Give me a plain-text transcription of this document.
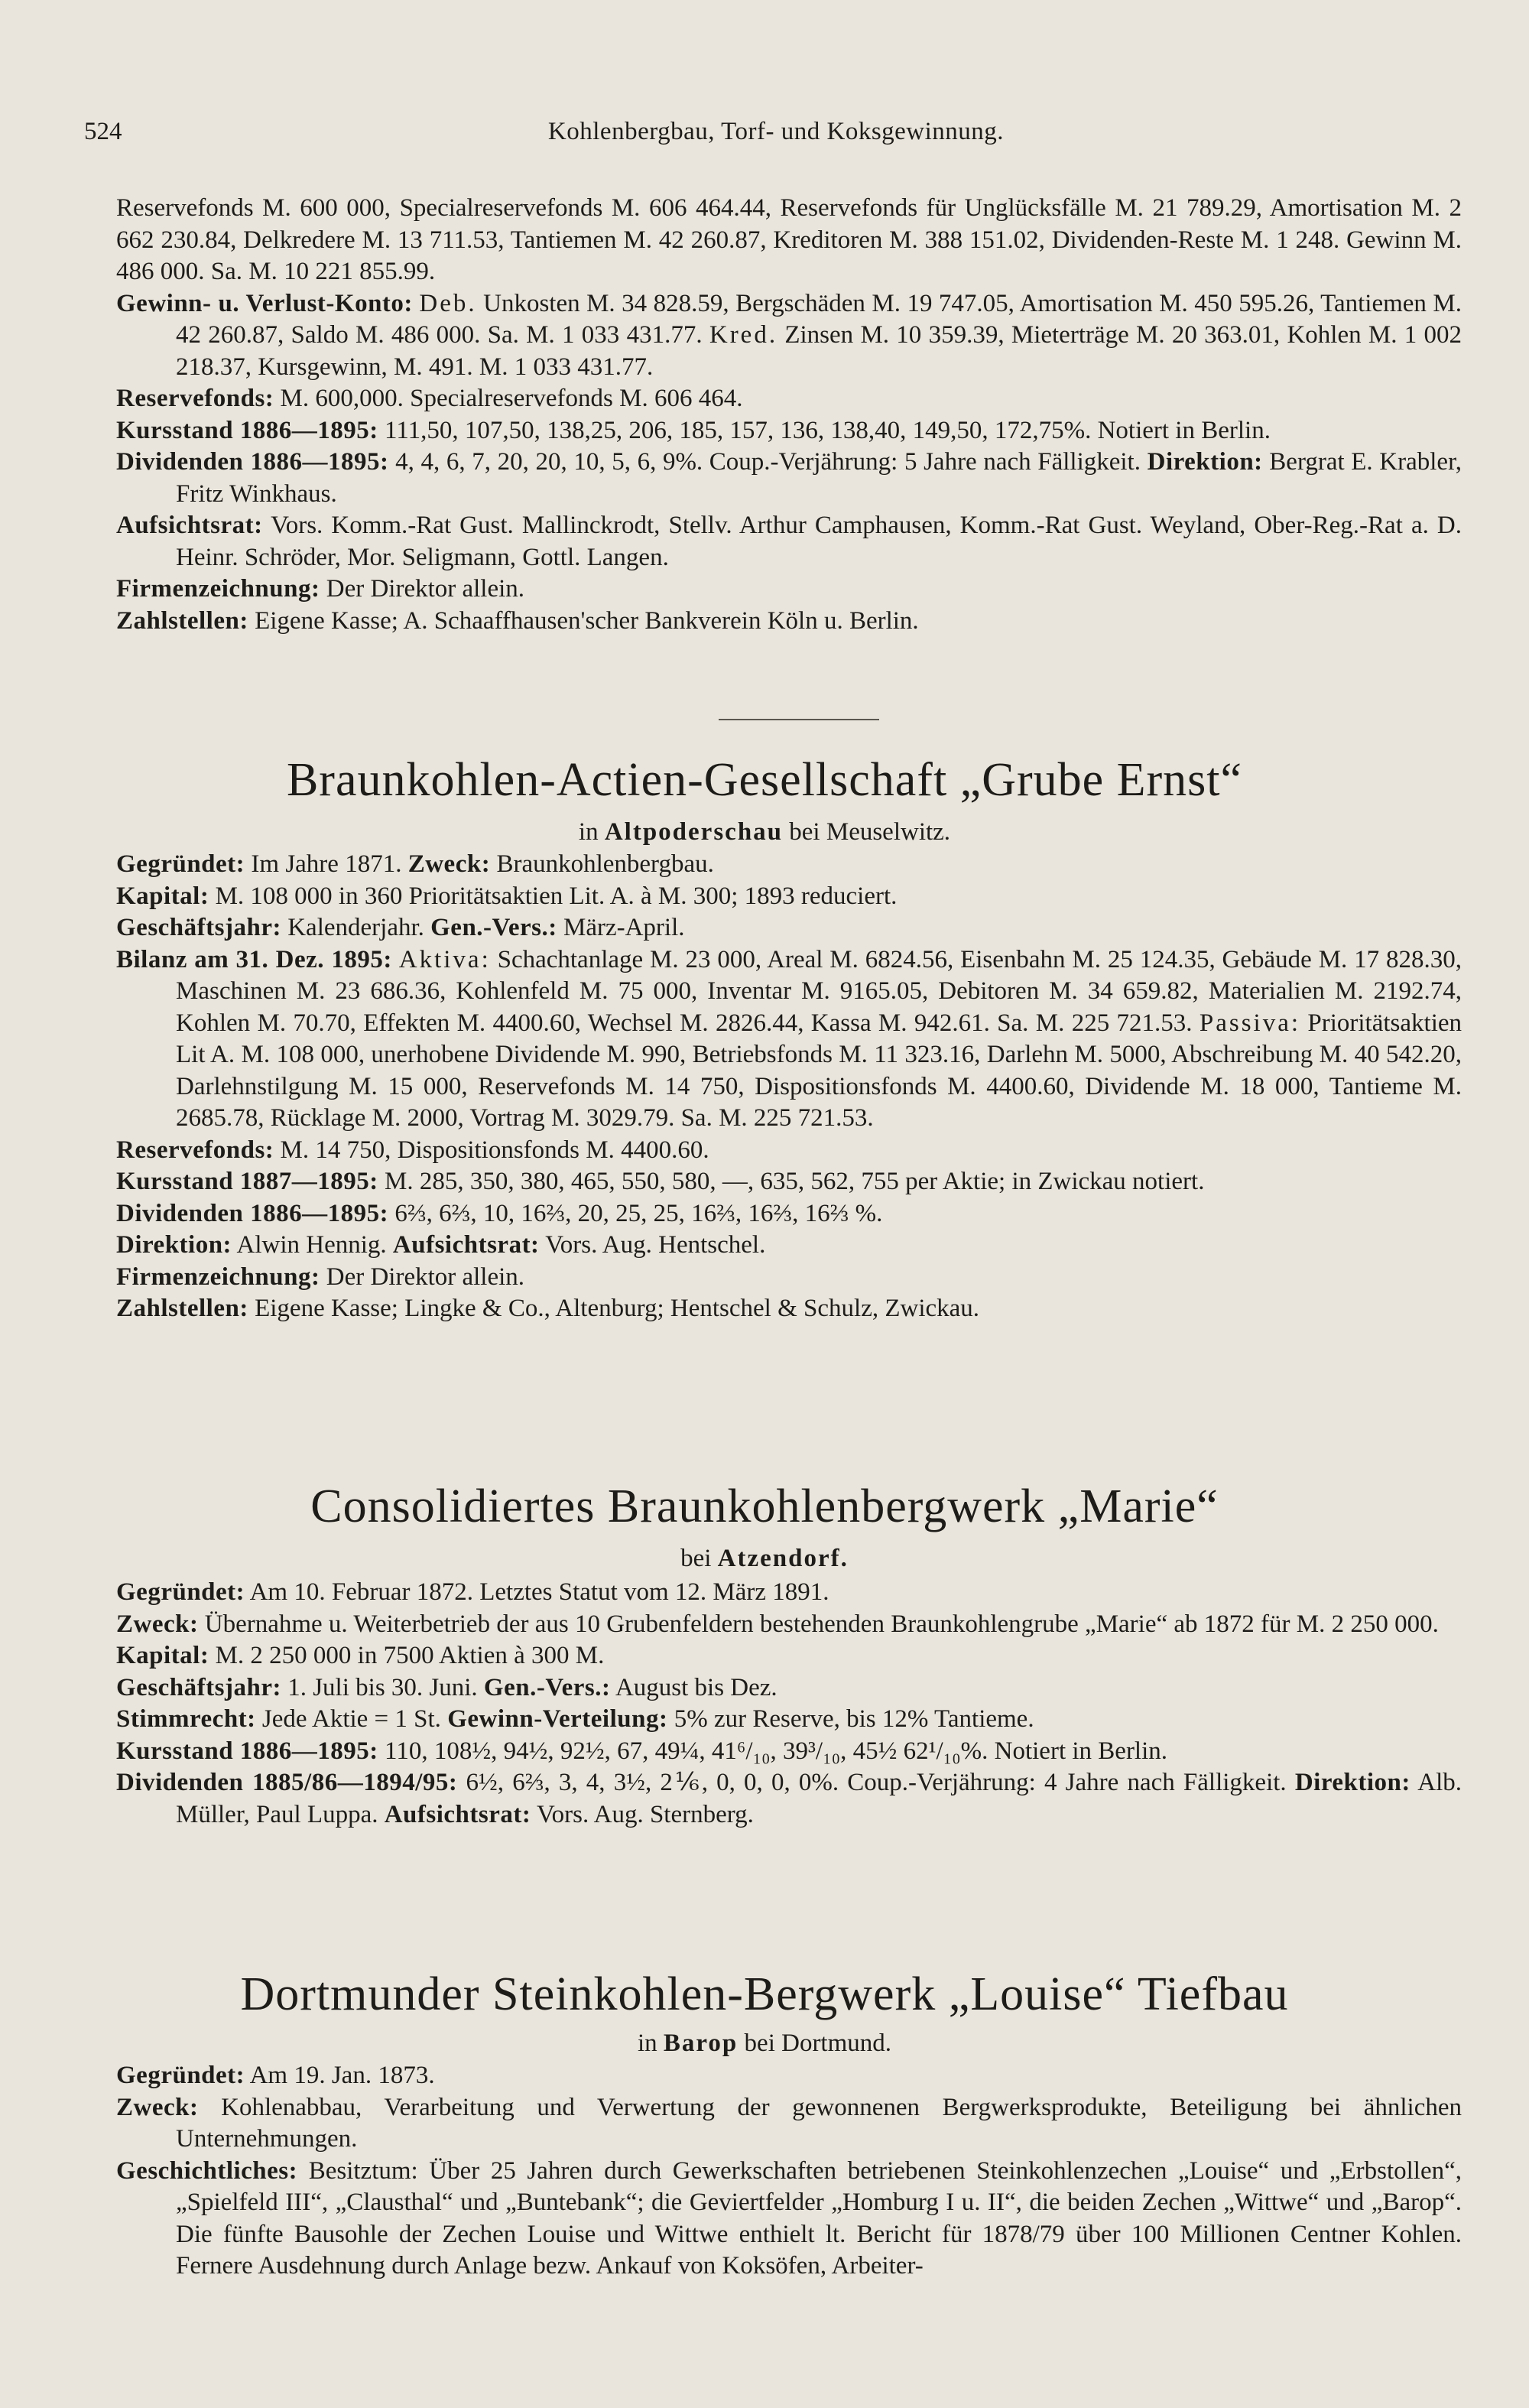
524	Kohlenbergbau, Torf- und Koksgewinnung.

Reservefonds M. 600 000, Specialreservefonds M. 606 464.44, Reservefonds für Unglücksfälle M. 21 789.29, Amortisation M. 2 662 230.84, Delkredere M. 13 711.53, Tantiemen M. 42 260.87, Kreditoren M. 388 151.02, Dividenden-Reste M. 1 248. Gewinn M. 486 000. Sa. M. 10 221 855.99.

Gewinn- u. Verlust-Konto: Deb. Unkosten M. 34 828.59, Bergschäden M. 19 747.05, Amortisation M. 450 595.26, Tantiemen M. 42 260.87, Saldo M. 486 000. Sa. M. 1 033 431.77. Kred. Zinsen M. 10 359.39, Mieterträge M. 20 363.01, Kohlen M. 1 002 218.37, Kursgewinn, M. 491. M. 1 033 431.77.

Reservefonds: M. 600,000. Specialreservefonds M. 606 464.

Kursstand 1886—1895: 111,50, 107,50, 138,25, 206, 185, 157, 136, 138,40, 149,50, 172,75%. Notiert in Berlin.

Dividenden 1886—1895: 4, 4, 6, 7, 20, 20, 10, 5, 6, 9%. Coup.-Verjährung: 5 Jahre nach Fälligkeit. Direktion: Bergrat E. Krabler, Fritz Winkhaus.

Aufsichtsrat: Vors. Komm.-Rat Gust. Mallinckrodt, Stellv. Arthur Camphausen, Komm.-Rat Gust. Weyland, Ober-Reg.-Rat a. D. Heinr. Schröder, Mor. Seligmann, Gottl. Langen.

Firmenzeichnung: Der Direktor allein.

Zahlstellen: Eigene Kasse; A. Schaaffhausen'scher Bankverein Köln u. Berlin.

Braunkohlen-Actien-Gesellschaft „Grube Ernst“
in Altpoderschau bei Meuselwitz.

Gegründet: Im Jahre 1871. Zweck: Braunkohlenbergbau.

Kapital: M. 108 000 in 360 Prioritätsaktien Lit. A. à M. 300; 1893 reduciert.

Geschäftsjahr: Kalenderjahr. Gen.-Vers.: März-April.

Bilanz am 31. Dez. 1895: Aktiva: Schachtanlage M. 23 000, Areal M. 6824.56, Eisenbahn M. 25 124.35, Gebäude M. 17 828.30, Maschinen M. 23 686.36, Kohlenfeld M. 75 000, Inventar M. 9165.05, Debitoren M. 34 659.82, Materialien M. 2192.74, Kohlen M. 70.70, Effekten M. 4400.60, Wechsel M. 2826.44, Kassa M. 942.61. Sa. M. 225 721.53. Passiva: Prioritätsaktien Lit A. M. 108 000, unerhobene Dividende M. 990, Betriebsfonds M. 11 323.16, Darlehn M. 5000, Abschreibung M. 40 542.20, Darlehnstilgung M. 15 000, Reservefonds M. 14 750, Dispositionsfonds M. 4400.60, Dividende M. 18 000, Tantieme M. 2685.78, Rücklage M. 2000, Vortrag M. 3029.79. Sa. M. 225 721.53.

Reservefonds: M. 14 750, Dispositionsfonds M. 4400.60.

Kursstand 1887—1895: M. 285, 350, 380, 465, 550, 580, —, 635, 562, 755 per Aktie; in Zwickau notiert.

Dividenden 1886—1895: 6⅔, 6⅔, 10, 16⅔, 20, 25, 25, 16⅔, 16⅔, 16⅔ %.

Direktion: Alwin Hennig. Aufsichtsrat: Vors. Aug. Hentschel.

Firmenzeichnung: Der Direktor allein.

Zahlstellen: Eigene Kasse; Lingke & Co., Altenburg; Hentschel & Schulz, Zwickau.

Consolidiertes Braunkohlenbergwerk „Marie“
bei Atzendorf.

Gegründet: Am 10. Februar 1872. Letztes Statut vom 12. März 1891.

Zweck: Übernahme u. Weiterbetrieb der aus 10 Grubenfeldern bestehenden Braunkohlengrube „Marie“ ab 1872 für M. 2 250 000.

Kapital: M. 2 250 000 in 7500 Aktien à 300 M.

Geschäftsjahr: 1. Juli bis 30. Juni. Gen.-Vers.: August bis Dez.

Stimmrecht: Jede Aktie = 1 St. Gewinn-Verteilung: 5% zur Reserve, bis 12% Tantieme.

Kursstand 1886—1895: 110, 108½, 94½, 92½, 67, 49¼, 41⁶/₁₀, 39³/₁₀, 45½ 62¹/₁₀%. Notiert in Berlin.

Dividenden 1885/86—1894/95: 6½, 6⅔, 3, 4, 3½, 2⅙, 0, 0, 0, 0%. Coup.-Verjährung: 4 Jahre nach Fälligkeit. Direktion: Alb. Müller, Paul Luppa. Aufsichtsrat: Vors. Aug. Sternberg.

Dortmunder Steinkohlen-Bergwerk „Louise“ Tiefbau
in Barop bei Dortmund.

Gegründet: Am 19. Jan. 1873.

Zweck: Kohlenabbau, Verarbeitung und Verwertung der gewonnenen Bergwerksprodukte, Beteiligung bei ähnlichen Unternehmungen.

Geschichtliches: Besitztum: Über 25 Jahren durch Gewerkschaften betriebenen Steinkohlenzechen „Louise“ und „Erbstollen“, „Spielfeld III“, „Clausthal“ und „Buntebank“; die Geviertfelder „Homburg I u. II“, die beiden Zechen „Wittwe“ und „Barop“. Die fünfte Bausohle der Zechen Louise und Wittwe enthielt lt. Bericht für 1878/79 über 100 Millionen Centner Kohlen. Fernere Ausdehnung durch Anlage bezw. Ankauf von Koksöfen, Arbeiter-
